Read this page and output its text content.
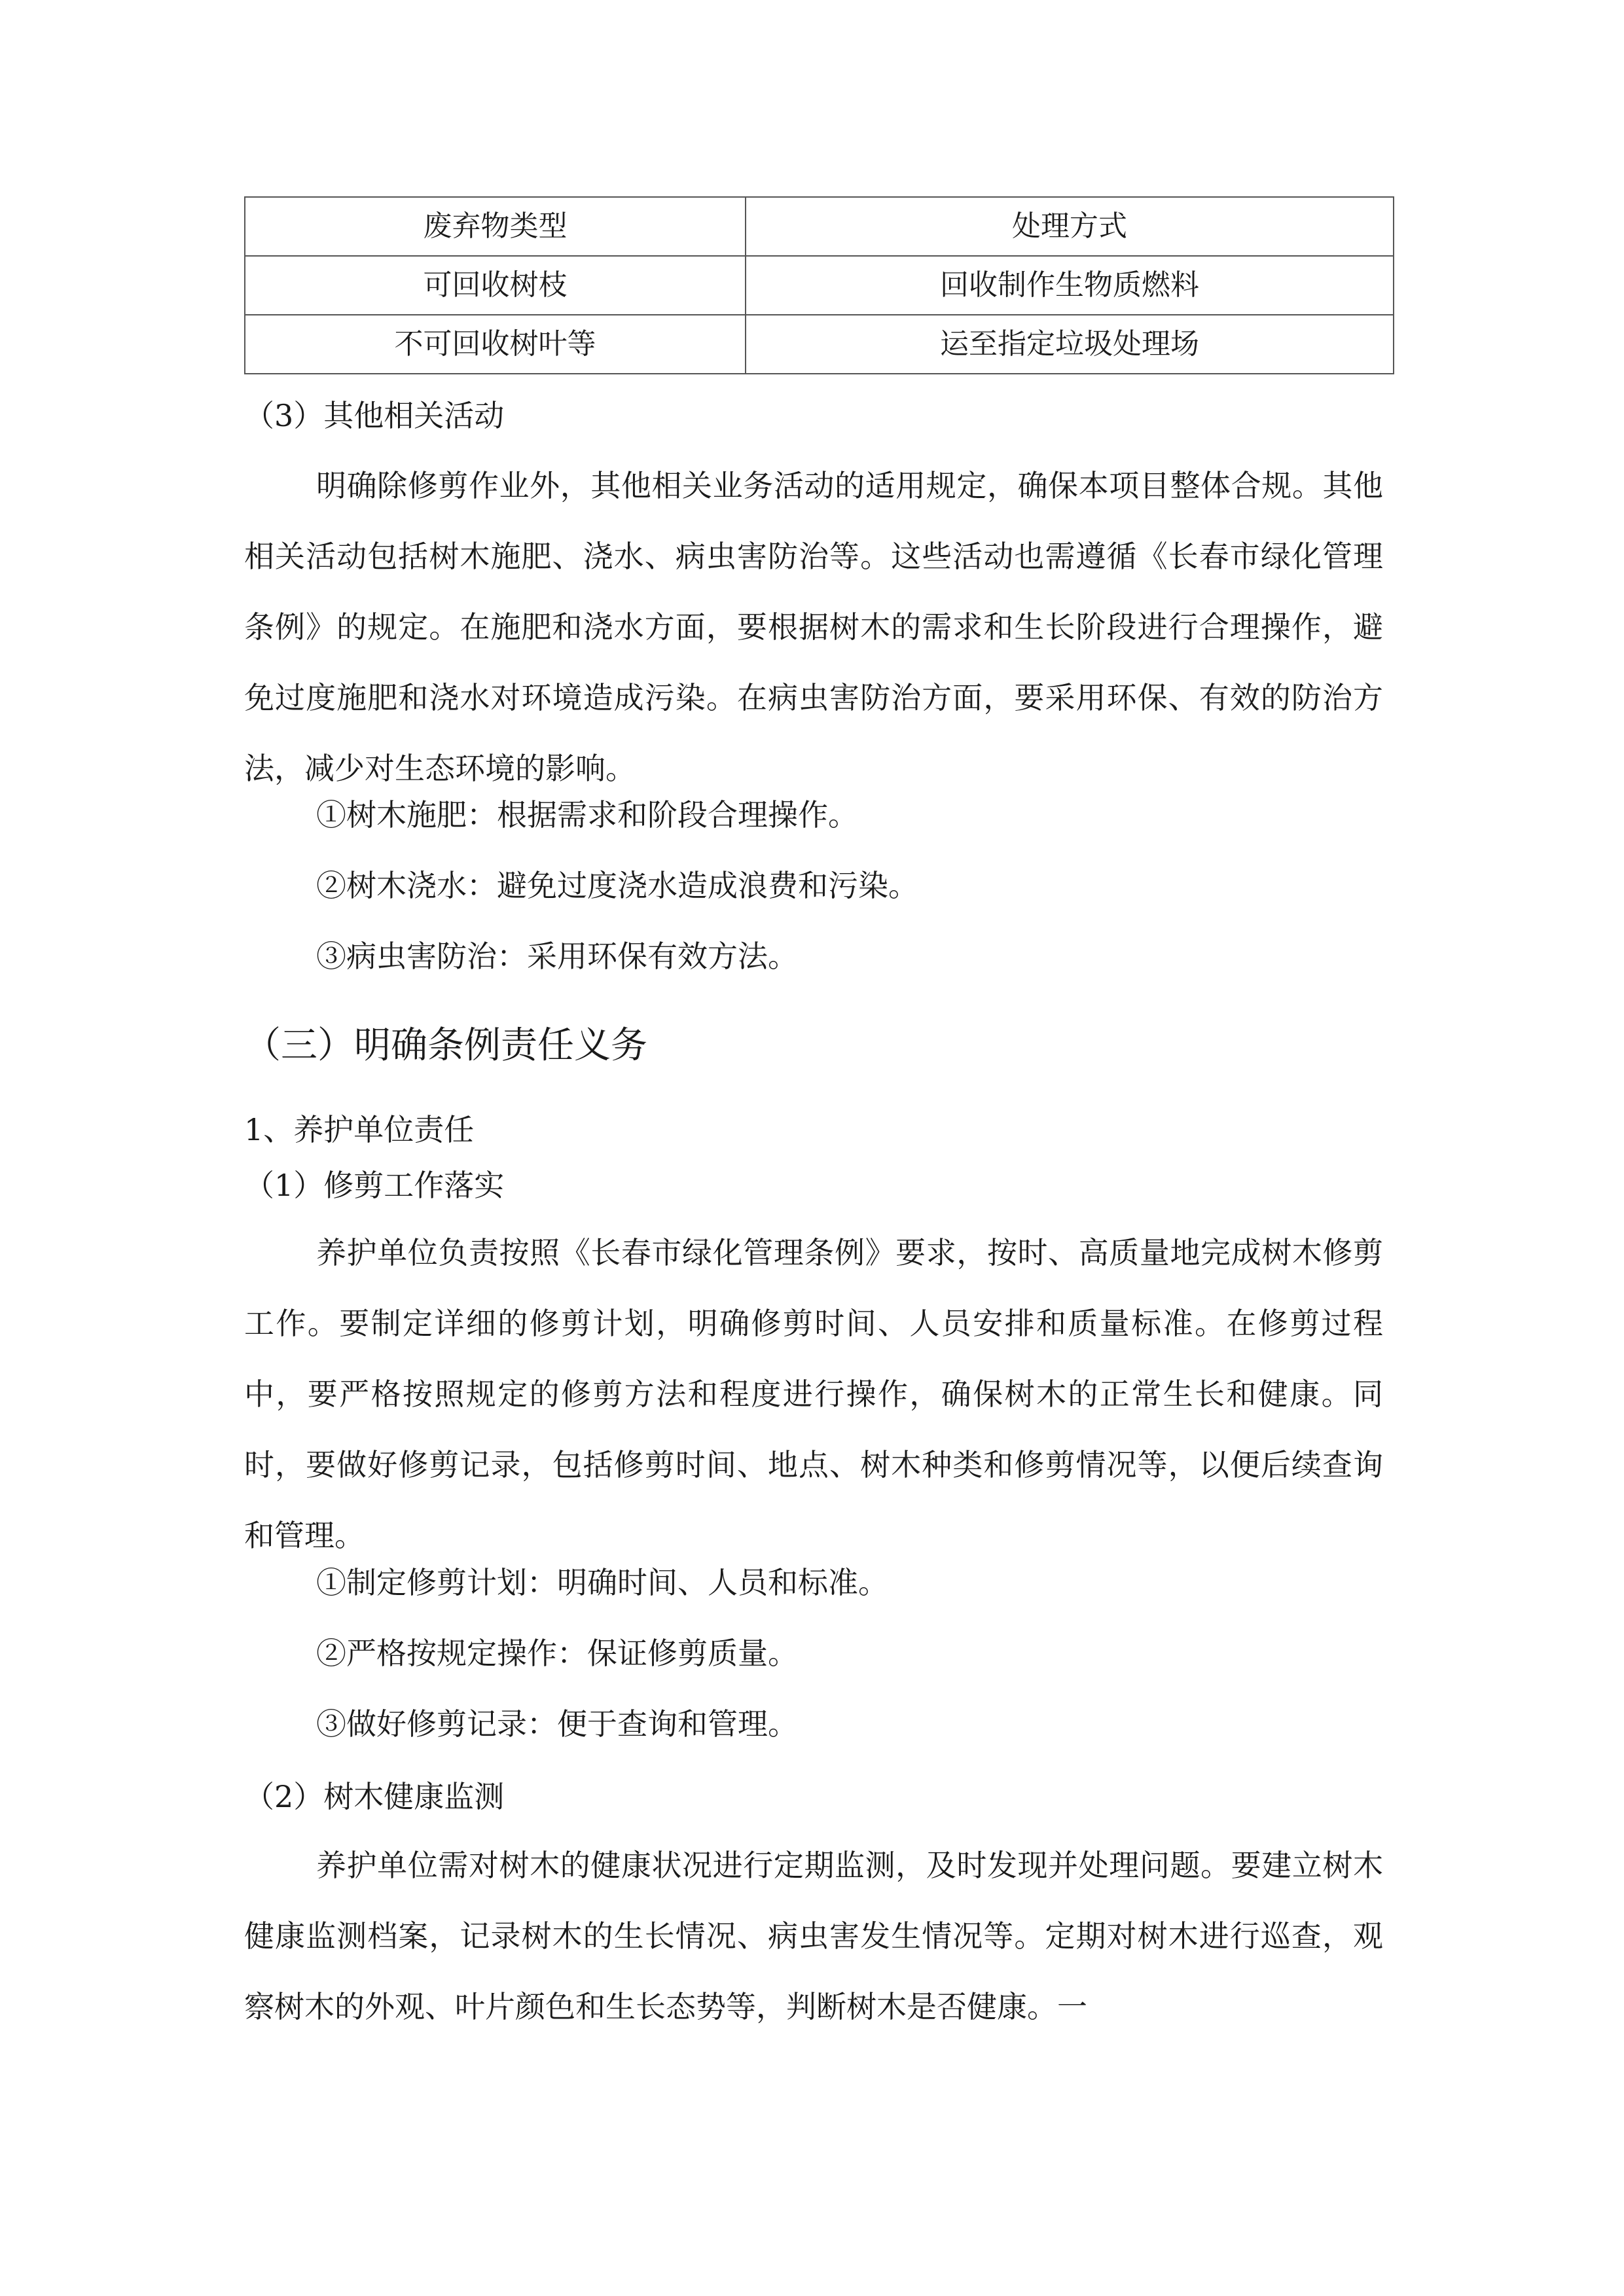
废弃物类型	处理方式
可回收树枝	回收制作生物质燃料
不可回收树叶等	运至指定垃圾处理场
（3）其他相关活动
明确除修剪作业外，其他相关业务活动的适用规定，确保本项目整体合规。其他相关活动包括树木施肥、浇水、病虫害防治等。这些活动也需遵循《长春市绿化管理条例》的规定。在施肥和浇水方面，要根据树木的需求和生长阶段进行合理操作，避免过度施肥和浇水对环境造成污染。在病虫害防治方面，要采用环保、有效的防治方法，减少对生态环境的影响。
①树木施肥：根据需求和阶段合理操作。
②树木浇水：避免过度浇水造成浪费和污染。
③病虫害防治：采用环保有效方法。
（三）明确条例责任义务
1、养护单位责任
（1）修剪工作落实
养护单位负责按照《长春市绿化管理条例》要求，按时、高质量地完成树木修剪工作。要制定详细的修剪计划，明确修剪时间、人员安排和质量标准。在修剪过程中，要严格按照规定的修剪方法和程度进行操作，确保树木的正常生长和健康。同时，要做好修剪记录，包括修剪时间、地点、树木种类和修剪情况等，以便后续查询和管理。
①制定修剪计划：明确时间、人员和标准。
②严格按规定操作：保证修剪质量。
③做好修剪记录：便于查询和管理。
（2）树木健康监测
养护单位需对树木的健康状况进行定期监测，及时发现并处理问题。要建立树木健康监测档案，记录树木的生长情况、病虫害发生情况等。定期对树木进行巡查，观察树木的外观、叶片颜色和生长态势等，判断树木是否健康。一
